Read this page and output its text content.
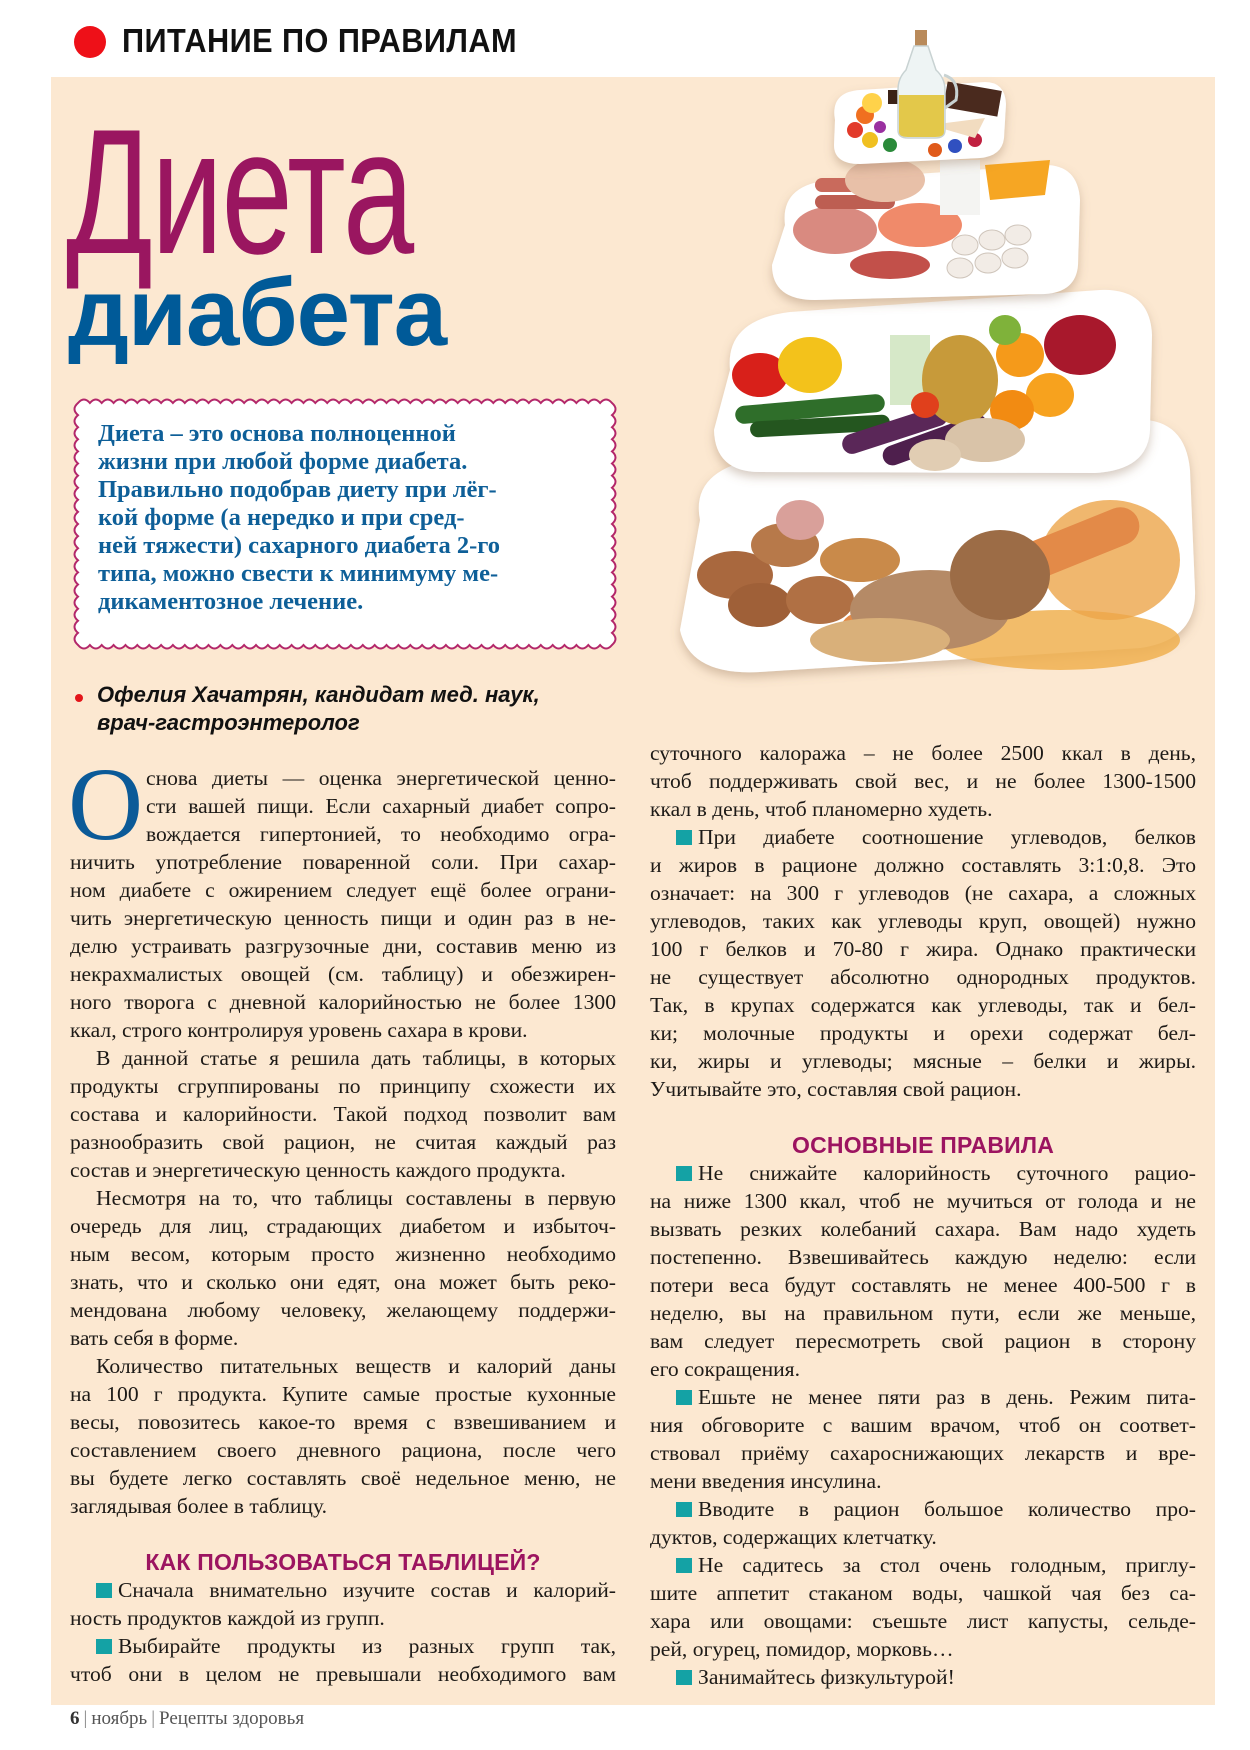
ПИТАНИЕ ПО ПРАВИЛАМ
Диета
диабета
Диета – это основа полноценной
жизни при любой форме диабета.
Правильно подобрав диету при лёг-
кой форме (а нередко и при сред-
ней тяжести) сахарного диабета 2-го
типа, можно свести к минимуму ме-
дикаментозное лечение.
Офелия Хачатрян, кандидат мед. наук,
врач-гастроэнтеролог
О снова диеты — оценка энергетической ценно-
сти вашей пищи. Если сахарный диабет сопро-
вождается гипертонией, то необходимо огра-
ничить употребление поваренной соли. При сахар-
ном диабете с ожирением следует ещё более ограни-
чить энергетическую ценность пищи и один раз в не-
делю устраивать разгрузочные дни, составив меню из
некрахмалистых овощей (см. таблицу) и обезжирен-
ного творога с дневной калорийностью не более 1300
ккал, строго контролируя уровень сахара в крови.
В данной статье я решила дать таблицы, в которых
продукты сгруппированы по принципу схожести их
состава и калорийности. Такой подход позволит вам
разнообразить свой рацион, не считая каждый раз
состав и энергетическую ценность каждого продукта.
Несмотря на то, что таблицы составлены в первую
очередь для лиц, страдающих диабетом и избыточ-
ным весом, которым просто жизненно необходимо
знать, что и сколько они едят, она может быть реко-
мендована любому человеку, желающему поддержи-
вать себя в форме.
Количество питательных веществ и калорий даны
на 100 г продукта. Купите самые простые кухонные
весы, повозитесь какое-то время с взвешиванием и
составлением своего дневного рациона, после чего
вы будете легко составлять своё недельное меню, не
заглядывая более в таблицу.
КАК ПОЛЬЗОВАТЬСЯ ТАБЛИЦЕЙ?
Сначала внимательно изучите состав и калорий-
ность продуктов каждой из групп.
Выбирайте продукты из разных групп так,
чтоб они в целом не превышали необходимого вам
суточного калоража – не более 2500 ккал в день,
чтоб поддерживать свой вес, и не более 1300-1500
ккал в день, чтоб планомерно худеть.
При диабете соотношение углеводов, белков
и жиров в рационе должно составлять 3:1:0,8. Это
означает: на 300 г углеводов (не сахара, а сложных
углеводов, таких как углеводы круп, овощей) нужно
100 г белков и 70-80 г жира. Однако практически
не существует абсолютно однородных продуктов.
Так, в крупах содержатся как углеводы, так и бел-
ки; молочные продукты и орехи содержат бел-
ки, жиры и углеводы; мясные – белки и жиры.
Учитывайте это, составляя свой рацион.
ОСНОВНЫЕ ПРАВИЛА
Не снижайте калорийность суточного рацио-
на ниже 1300 ккал, чтоб не мучиться от голода и не
вызвать резких колебаний сахара. Вам надо худеть
постепенно. Взвешивайтесь каждую неделю: если
потери веса будут составлять не менее 400-500 г в
неделю, вы на правильном пути, если же меньше,
вам следует пересмотреть свой рацион в сторону
его сокращения.
Ешьте не менее пяти раз в день. Режим пита-
ния обговорите с вашим врачом, чтоб он соответ-
ствовал приёму сахароснижающих лекарств и вре-
мени введения инсулина.
Вводите в рацион большое количество про-
дуктов, содержащих клетчатку.
Не садитесь за стол очень голодным, приглу-
шите аппетит стаканом воды, чашкой чая без са-
хара или овощами: съешьте лист капусты, сельде-
рей, огурец, помидор, морковь…
Занимайтесь физкультурой!
6 | ноябрь | Рецепты здоровья
